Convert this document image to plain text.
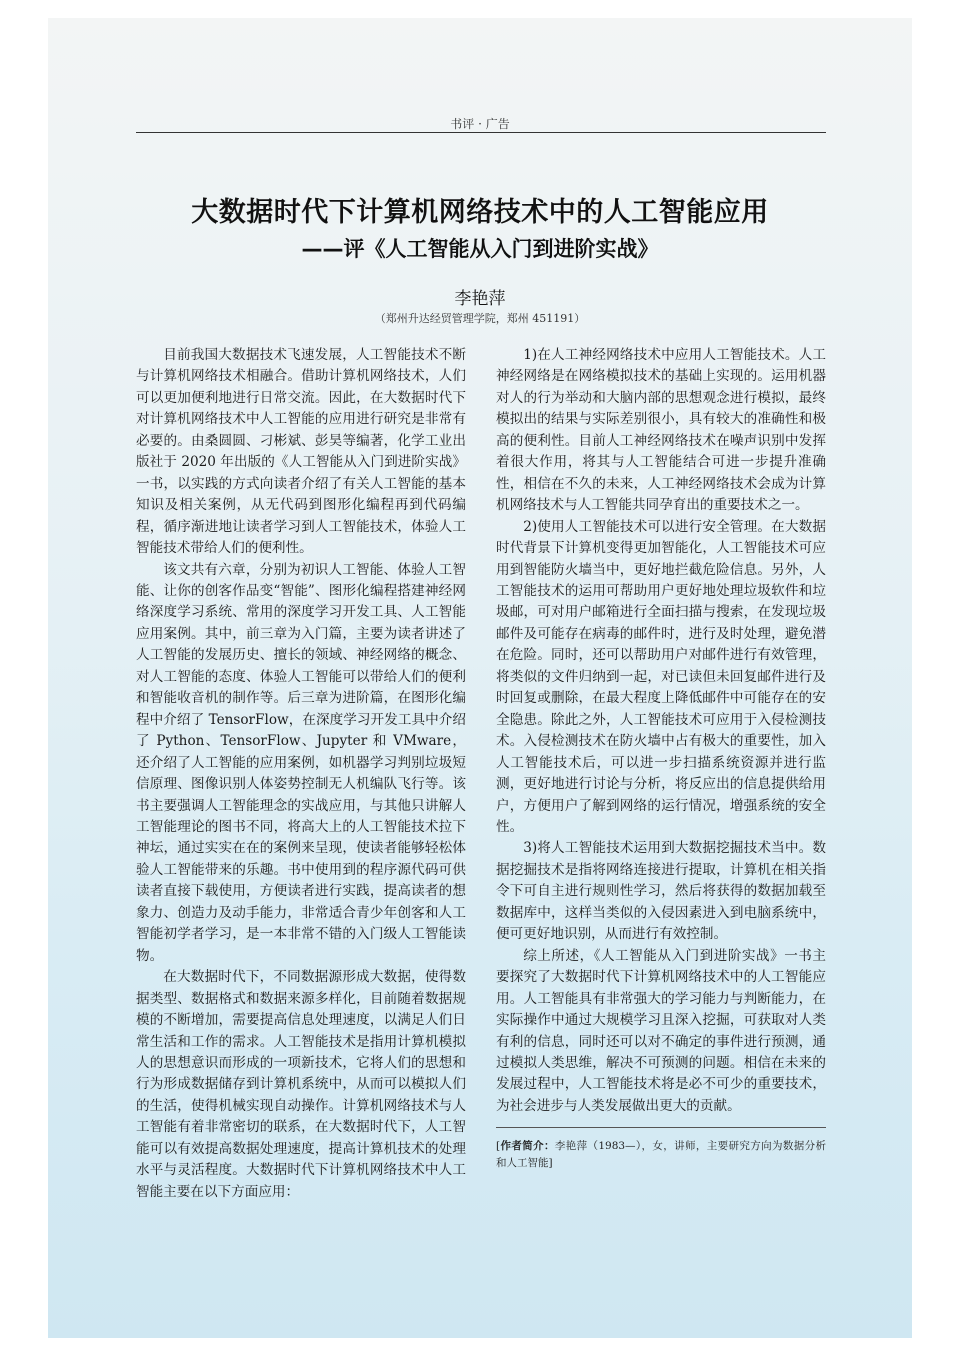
书评 · 广告
大数据时代下计算机网络技术中的人工智能应用
——评《人工智能从入门到进阶实战》
李艳萍
（郑州升达经贸管理学院，郑州 451191）

目前我国大数据技术飞速发展，人工智能技术不断与计算机网络技术相融合。借助计算机网络技术，人们可以更加便利地进行日常交流。因此，在大数据时代下对计算机网络技术中人工智能的应用进行研究是非常有必要的。由桑圆圆、刁彬斌、彭昊等编著，化学工业出版社于 2020 年出版的《人工智能从入门到进阶实战》一书，以实践的方式向读者介绍了有关人工智能的基本知识及相关案例，从无代码到图形化编程再到代码编程，循序渐进地让读者学习到人工智能技术，体验人工智能技术带给人们的便利性。

该文共有六章，分别为初识人工智能、体验人工智能、让你的创客作品变“智能”、图形化编程搭建神经网络深度学习系统、常用的深度学习开发工具、人工智能应用案例。其中，前三章为入门篇，主要为读者讲述了人工智能的发展历史、擅长的领域、神经网络的概念、对人工智能的态度、体验人工智能可以带给人们的便利和智能收音机的制作等。后三章为进阶篇，在图形化编程中介绍了 TensorFlow，在深度学习开发工具中介绍了 Python、TensorFlow、Jupyter 和 VMware，还介绍了人工智能的应用案例，如机器学习判别垃圾短信原理、图像识别人体姿势控制无人机编队飞行等。该书主要强调人工智能理念的实战应用，与其他只讲解人工智能理论的图书不同，将高大上的人工智能技术拉下神坛，通过实实在在的案例来呈现，使读者能够轻松体验人工智能带来的乐趣。书中使用到的程序源代码可供读者直接下载使用，方便读者进行实践，提高读者的想象力、创造力及动手能力，非常适合青少年创客和人工智能初学者学习，是一本非常不错的入门级人工智能读物。

在大数据时代下，不同数据源形成大数据，使得数据类型、数据格式和数据来源多样化，目前随着数据规模的不断增加，需要提高信息处理速度，以满足人们日常生活和工作的需求。人工智能技术是指用计算机模拟人的思想意识而形成的一项新技术，它将人们的思想和行为形成数据储存到计算机系统中，从而可以模拟人们的生活，使得机械实现自动操作。计算机网络技术与人工智能有着非常密切的联系，在大数据时代下，人工智能可以有效提高数据处理速度，提高计算机技术的处理水平与灵活程度。大数据时代下计算机网络技术中人工智能主要在以下方面应用：

1)在人工神经网络技术中应用人工智能技术。人工神经网络是在网络模拟技术的基础上实现的。运用机器对人的行为举动和大脑内部的思想观念进行模拟，最终模拟出的结果与实际差别很小，具有较大的准确性和极高的便利性。目前人工神经网络技术在噪声识别中发挥着很大作用，将其与人工智能结合可进一步提升准确性，相信在不久的未来，人工神经网络技术会成为计算机网络技术与人工智能共同孕育出的重要技术之一。

2)使用人工智能技术可以进行安全管理。在大数据时代背景下计算机变得更加智能化，人工智能技术可应用到智能防火墙当中，更好地拦截危险信息。另外，人工智能技术的运用可帮助用户更好地处理垃圾软件和垃圾邮，可对用户邮箱进行全面扫描与搜索，在发现垃圾邮件及可能存在病毒的邮件时，进行及时处理，避免潜在危险。同时，还可以帮助用户对邮件进行有效管理，将类似的文件归纳到一起，对已读但未回复邮件进行及时回复或删除，在最大程度上降低邮件中可能存在的安全隐患。除此之外，人工智能技术可应用于入侵检测技术。入侵检测技术在防火墙中占有极大的重要性，加入人工智能技术后，可以进一步扫描系统资源并进行监测，更好地进行讨论与分析，将反应出的信息提供给用户，方便用户了解到网络的运行情况，增强系统的安全性。

3)将人工智能技术运用到大数据挖掘技术当中。数据挖掘技术是指将网络连接进行提取，计算机在相关指令下可自主进行规则性学习，然后将获得的数据加载至数据库中，这样当类似的入侵因素进入到电脑系统中，便可更好地识别，从而进行有效控制。

综上所述，《人工智能从入门到进阶实战》一书主要探究了大数据时代下计算机网络技术中的人工智能应用。人工智能具有非常强大的学习能力与判断能力，在实际操作中通过大规模学习且深入挖掘，可获取对人类有利的信息，同时还可以对不确定的事件进行预测，通过模拟人类思维，解决不可预测的问题。相信在未来的发展过程中，人工智能技术将是必不可少的重要技术，为社会进步与人类发展做出更大的贡献。

[作者简介：李艳萍（1983—），女，讲师，主要研究方向为数据分析和人工智能]
